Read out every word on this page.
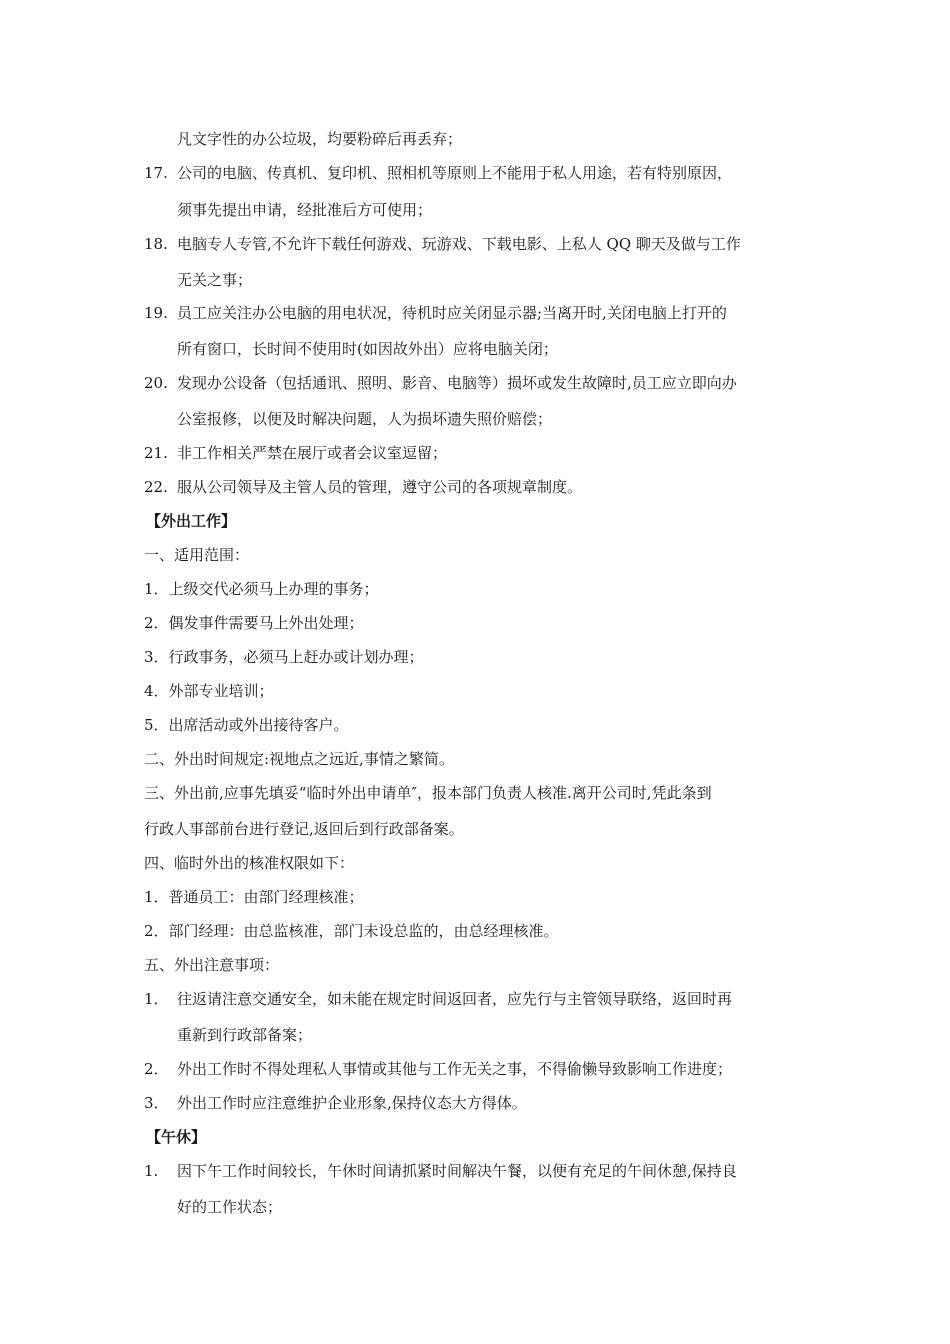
凡文字性的办公垃圾，均要粉碎后再丢弃；
17. 公司的电脑、传真机、复印机、照相机等原则上不能用于私人用途，若有特别原因，
须事先提出申请，经批准后方可使用；
18. 电脑专人专管,不允许下载任何游戏、玩游戏、下载电影、上私人 QQ 聊天及做与工作
无关之事；
19. 员工应关注办公电脑的用电状况，待机时应关闭显示器;当离开时,关闭电脑上打开的
所有窗口，长时间不使用时(如因故外出）应将电脑关闭；
20. 发现办公设备（包括通讯、照明、影音、电脑等）损坏或发生故障时,员工应立即向办
公室报修，以便及时解决问题，人为损坏遗失照价赔偿；
21. 非工作相关严禁在展厅或者会议室逗留；
22. 服从公司领导及主管人员的管理，遵守公司的各项规章制度。
【外出工作】
一、适用范围：
1．上级交代必须马上办理的事务；
2．偶发事件需要马上外出处理；
3．行政事务，必须马上赶办或计划办理；
4．外部专业培训；
5．出席活动或外出接待客户。
二、外出时间规定:视地点之远近,事情之繁简。
三、外出前,应事先填妥“临时外出申请单″，报本部门负责人核准.离开公司时,凭此条到
行政人事部前台进行登记,返回后到行政部备案。
四、临时外出的核准权限如下：
1．普通员工：由部门经理核准；
2．部门经理：由总监核准，部门未设总监的，由总经理核准。
五、外出注意事项：
1． 往返请注意交通安全，如未能在规定时间返回者，应先行与主管领导联络，返回时再
重新到行政部备案；
2． 外出工作时不得处理私人事情或其他与工作无关之事，不得偷懒导致影响工作进度；
3． 外出工作时应注意维护企业形象,保持仪态大方得体。
【午休】
1. 因下午工作时间较长，午休时间请抓紧时间解决午餐，以便有充足的午间休憩,保持良
好的工作状态；
